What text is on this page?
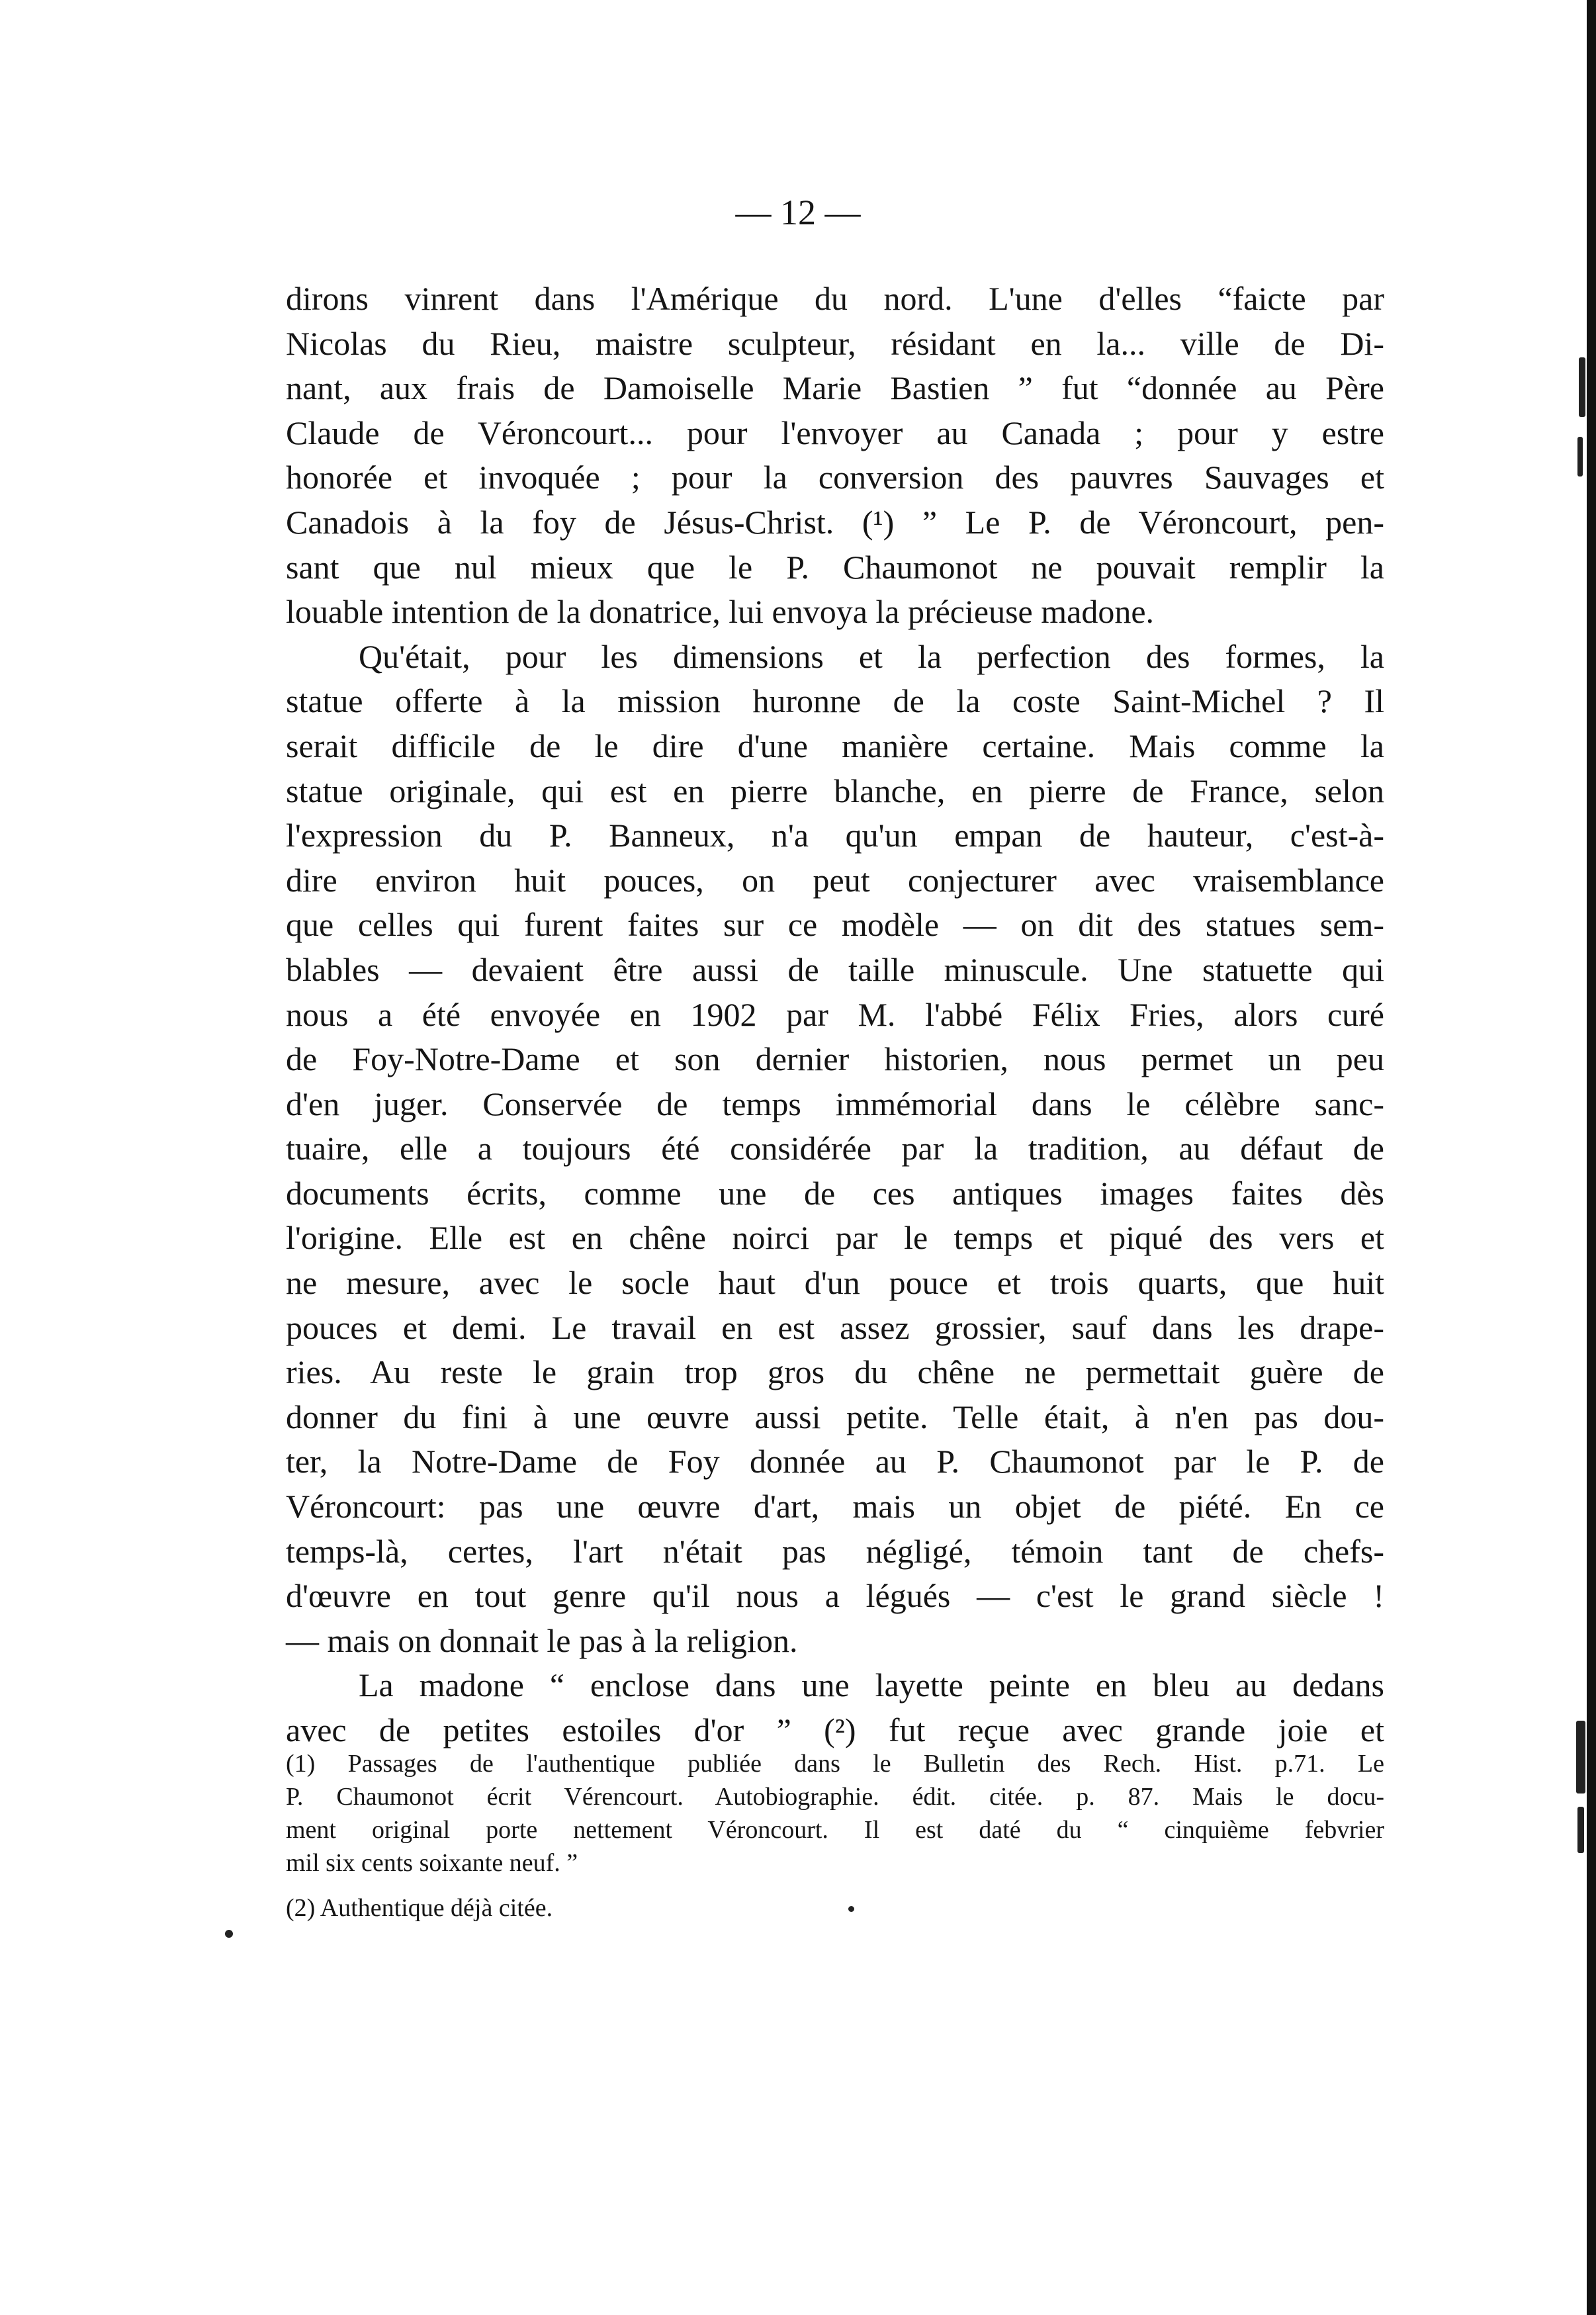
— 12 —
dirons vinrent dans l'Amérique du nord. L'une d'elles “faicte par
Nicolas du Rieu, maistre sculpteur, résidant en la... ville de Di-
nant, aux frais de Damoiselle Marie Bastien ” fut “donnée au Père
Claude de Véroncourt... pour l'envoyer au Canada ; pour y estre
honorée et invoquée ; pour la conversion des pauvres Sauvages et
Canadois à la foy de Jésus-Christ. (¹) ” Le P. de Véroncourt, pen-
sant que nul mieux que le P. Chaumonot ne pouvait remplir la
louable intention de la donatrice, lui envoya la précieuse madone.
Qu'était, pour les dimensions et la perfection des formes, la
statue offerte à la mission huronne de la coste Saint-Michel ? Il
serait difficile de le dire d'une manière certaine. Mais comme la
statue originale, qui est en pierre blanche, en pierre de France, selon
l'expression du P. Banneux, n'a qu'un empan de hauteur, c'est-à-
dire environ huit pouces, on peut conjecturer avec vraisemblance
que celles qui furent faites sur ce modèle — on dit des statues sem-
blables — devaient être aussi de taille minuscule. Une statuette qui
nous a été envoyée en 1902 par M. l'abbé Félix Fries, alors curé
de Foy-Notre-Dame et son dernier historien, nous permet un peu
d'en juger. Conservée de temps immémorial dans le célèbre sanc-
tuaire, elle a toujours été considérée par la tradition, au défaut de
documents écrits, comme une de ces antiques images faites dès
l'origine. Elle est en chêne noirci par le temps et piqué des vers et
ne mesure, avec le socle haut d'un pouce et trois quarts, que huit
pouces et demi. Le travail en est assez grossier, sauf dans les drape-
ries. Au reste le grain trop gros du chêne ne permettait guère de
donner du fini à une œuvre aussi petite. Telle était, à n'en pas dou-
ter, la Notre-Dame de Foy donnée au P. Chaumonot par le P. de
Véroncourt: pas une œuvre d'art, mais un objet de piété. En ce
temps-là, certes, l'art n'était pas négligé, témoin tant de chefs-
d'œuvre en tout genre qu'il nous a légués — c'est le grand siècle !
— mais on donnait le pas à la religion.
La madone “ enclose dans une layette peinte en bleu au dedans
avec de petites estoiles d'or ” (²) fut reçue avec grande joie et
(1) Passages de l'authentique publiée dans le Bulletin des Rech. Hist. p.71. Le
P. Chaumonot écrit Vérencourt. Autobiographie. édit. citée. p. 87. Mais le docu-
ment original porte nettement Véroncourt. Il est daté du “ cinquième febvrier
mil six cents soixante neuf. ”
(2) Authentique déjà citée.
